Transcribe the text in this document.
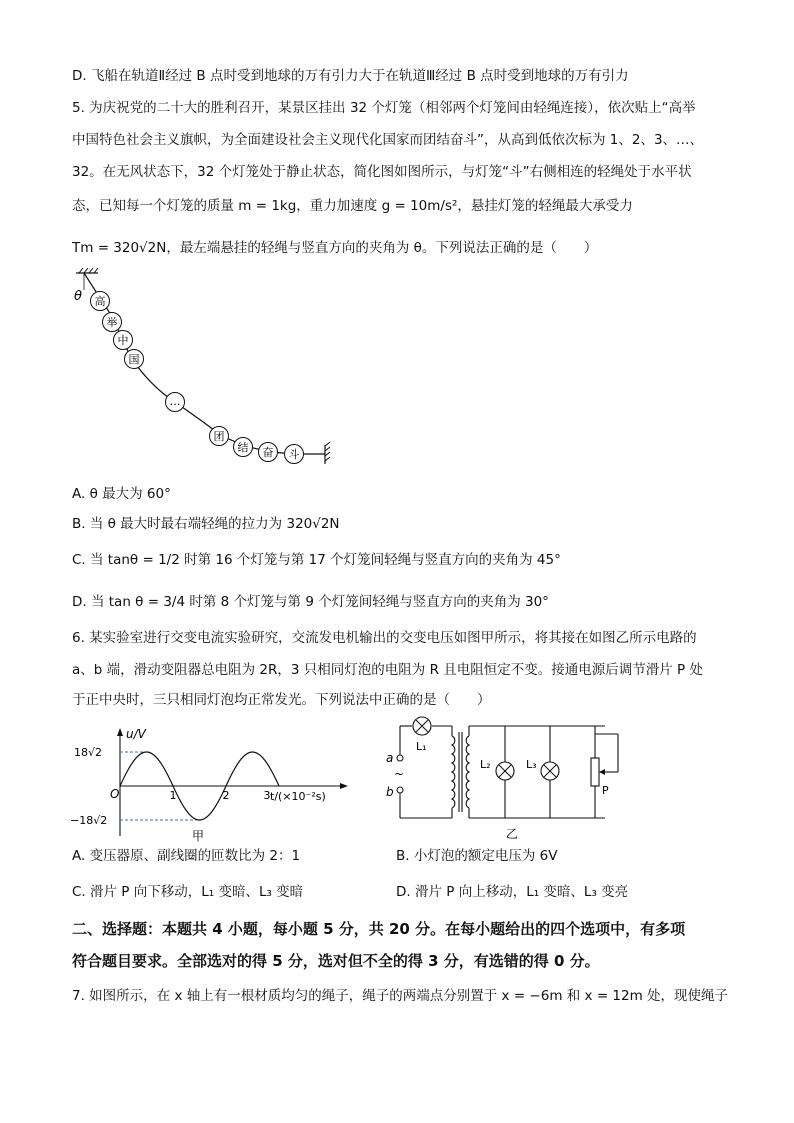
D. 飞船在轨道Ⅱ经过 B 点时受到地球的万有引力大于在轨道Ⅲ经过 B 点时受到地球的万有引力
5. 为庆祝党的二十大的胜利召开，某景区挂出 32 个灯笼（相邻两个灯笼间由轻绳连接），依次贴上“高举
中国特色社会主义旗帜，为全面建设社会主义现代化国家而团结奋斗”，从高到低依次标为 1、2、3、…、
32。在无风状态下，32 个灯笼处于静止状态，简化图如图所示，与灯笼“斗”右侧相连的轻绳处于水平状
态，已知每一个灯笼的质量 m = 1kg，重力加速度 g = 10m/s²，悬挂灯笼的轻绳最大承受力
Tm = 320√2N，最左端悬挂的轻绳与竖直方向的夹角为 θ。下列说法正确的是（　　）
θ 高
举
中
国
…
团
结 奋 斗
A. θ 最大为 60°
B. 当 θ 最大时最右端轻绳的拉力为 320√2N
C. 当 tanθ = 1/2 时第 16 个灯笼与第 17 个灯笼间轻绳与竖直方向的夹角为 45°
D. 当 tan θ = 3/4 时第 8 个灯笼与第 9 个灯笼间轻绳与竖直方向的夹角为 30°
6. 某实验室进行交变电流实验研究，交流发电机输出的交变电压如图甲所示，将其接在如图乙所示电路的
a、b 端，滑动变阻器总电阻为 2R，3 只相同灯泡的电阻为 R 且电阻恒定不变。接通电源后调节滑片 P 处
于正中央时，三只相同灯泡均正常发光。下列说法中正确的是（　　）
u/V
t/(×10⁻²s)
O
18√2
−18√2
1	2	3
甲
a
b
~
L₁
L₂	L₃
P
乙
A. 变压器原、副线圈的匝数比为 2：1	B. 小灯泡的额定电压为 6V
C. 滑片 P 向下移动，L₁ 变暗、L₃ 变暗	D. 滑片 P 向上移动，L₁ 变暗、L₃ 变亮
二、选择题：本题共 4 小题，每小题 5 分，共 20 分。在每小题给出的四个选项中，有多项
符合题目要求。全部选对的得 5 分，选对但不全的得 3 分，有选错的得 0 分。
7. 如图所示，在 x 轴上有一根材质均匀的绳子，绳子的两端点分别置于 x = −6m 和 x = 12m 处，现使绳子
